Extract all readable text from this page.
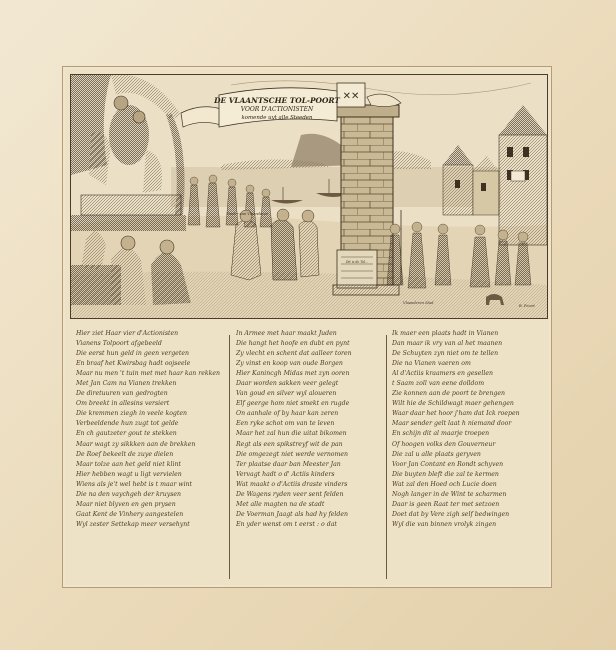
✕✕
DE VLAANTSCHE TOL-POORT
VOOR D'ACTIONISTEN
komende uyt alle Steeden
Onder aan Vlaanderen
Dit is de Tol...
Vlaanderen Stad
B. Picart
Hier ziet Haar vier d'Actionisten
Vianens Tolpoort afgebeeld
Die eerst hun geld in geen vergeten
En braaf het Kwirsbag hadt oojseele
Maar nu men 't tuin met met haar kan rekken
Met Jan Cam na Vianen trekken
De diretuuren van gedrogten
Om breekt in allesins versiert
Die kremmen ziegh in veele kogten
Verbeeldende hun zugt tot gelde
En ch gautzeter gout te stekken
Maar wagt zy sikkken aan de brekken
De Roef bekeelt de zuye dielen
Maar tolze aan het geld niet klint
Hier hebben wagt u ligt vervielen
Wiens als je't wel hebt is t maar wint
Die na den vaychgeh der kruysen
Maar niet blyven en gen prysen
Gaat Kent de Vinhery aangestelen
Wyl zester Settekap meer versehynt
In Armee met haar maakt Juden
Die hangt het hoofe en dubt en pynt
Zy vlecht en schent dat aalleer toren
Zy vinst en koop van oude Borgen
Hier Kanincgh Midas met zyn ooren
Daar worden sakken veer gelegt
Van goud en silver wyl aloueren
Elf geerge hom niet smekt en rugde
On aanhale of by haar kan zeren
Een ryke schot om van te leven
Maar het zal hun die uitat bikomen
Regt als een spikstreyf wit de pan
Die omgezegt niet werde vernomen
Ter plaatse daar ban Meester Jan
Vervagt hadt o d' Actiis kinders
Wat maakt o d'Actiis draste vinders
De Wagens ryden veer sent felden
Met alle magten na de stadt
De Voerman Jaagt als had hy felden
En yder wenst om t eerst : o dat
Ik maer een plaats hadt in Vianen
Dan maar ik vry van al het maanen
De Schuyten zyn niet om te tellen
Die na Vianen vaeren om
Al d'Actiis kraamers en gesellen
t Saam zoll van eene dolldom
Zie konnen aan de poort te brengen
Wilt hie de Schildwagt maer gehengen
Waar daar het hoor j'ham dat Ick roepen
Maar sender gelt laat h niemand door
En schijn dit al maarje troepen
Of hoogen volks den Gouverneur
Die zal u alle plaats geryven
Voor Jan Contant en Rondt schyven
Die buyten bleft die zal te kermen
Wat zal den Hoed och Lucie doen
Nogh langer in de Wint te scharmen
Daar is geen Raat ter met setzoen
Doet dat by Vere zigh self bedwingen
Wyl die van binnen vrolyk zingen
